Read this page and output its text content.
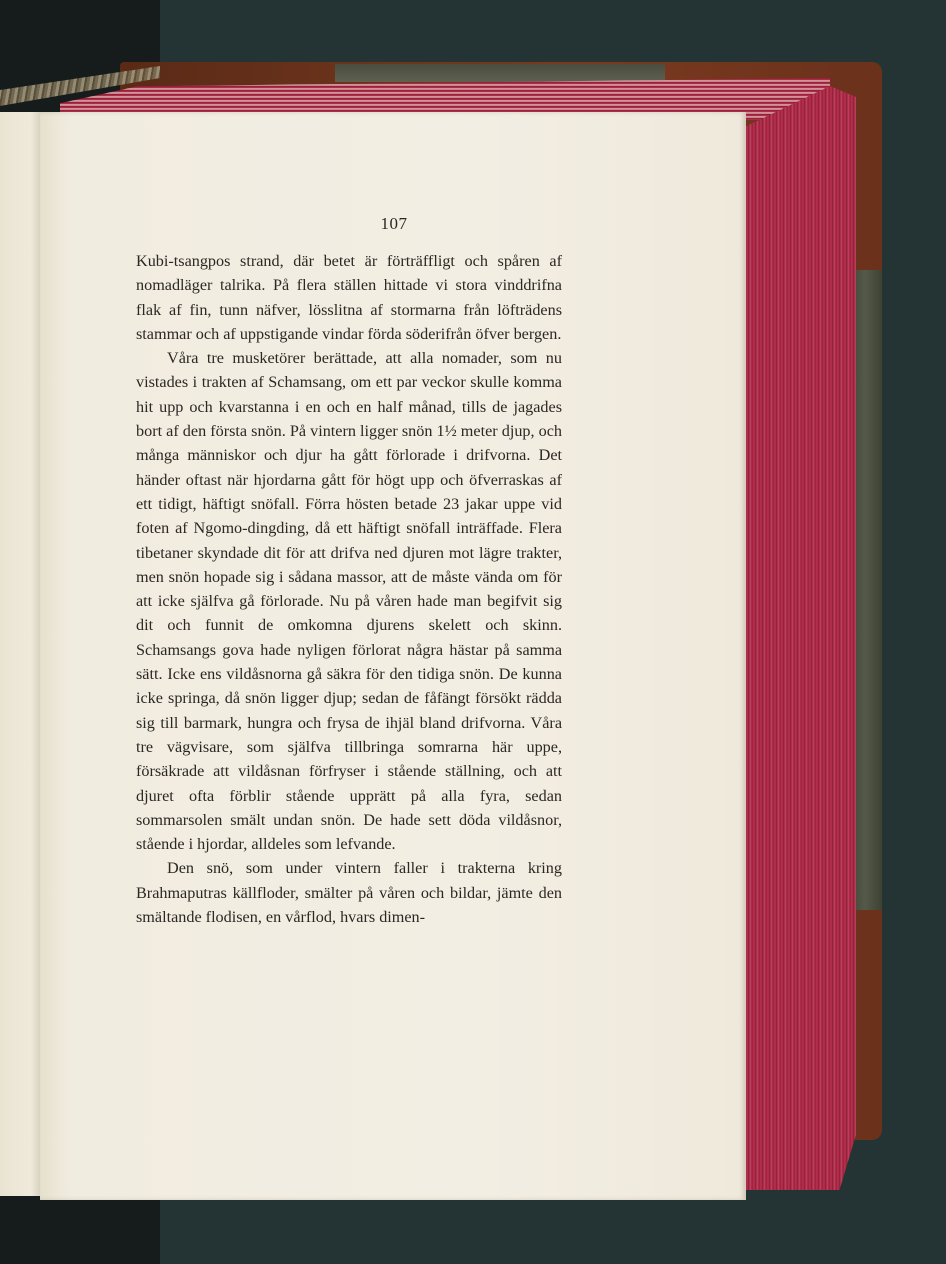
107

Kubi-tsangpos strand, där betet är förträffligt och spåren af nomadläger talrika. På flera ställen hittade vi stora vinddrifna flak af fin, tunn näfver, lösslitna af stormarna från löfträdens stammar och af uppstigande vindar förda söderifrån öfver bergen.

Våra tre musketörer berättade, att alla nomader, som nu vistades i trakten af Schamsang, om ett par veckor skulle komma hit upp och kvarstanna i en och en half månad, tills de jagades bort af den första snön. På vintern ligger snön 1½ meter djup, och många människor och djur hа gått förlorade i drifvorna. Det händer oftast när hjordarna gått för högt upp och öfverraskas af ett tidigt, häftigt snöfall. Förra hösten betade 23 jakar uppe vid foten af Ngomo-dingding, då ett häftigt snöfall inträffade. Flera tibetaner skyndade dit för att drifva ned djuren mot lägre trakter, men snön hopade sig i sådana massor, att de måste vända om för att icke själfva gå förlorade. Nu på våren hade man begifvit sig dit och funnit de omkomna djurens skelett och skinn. Schamsangs gova hade nyligen förlorat några hästar på samma sätt. Icke ens vildåsnorna gå säkra för den tidiga snön. De kunna icke springa, då snön ligger djup; sedan de fåfängt försökt rädda sig till barmark, hungra och frysa de ihjäl bland drifvorna. Våra tre vägvisare, som själfva tillbringa somrarna här uppe, försäkrade att vildåsnan förfryser i stående ställning, och att djuret ofta förblir stående upprätt på alla fyra, sedan sommarsolen smält undan snön. De hade sett döda vildåsnor, stående i hjordar, alldeles som lefvande.

Den snö, som under vintern faller i trakterna kring Brahmaputras källfloder, smälter på våren och bildar, jämte den smältande flodisen, en vårflod, hvars dimen-
